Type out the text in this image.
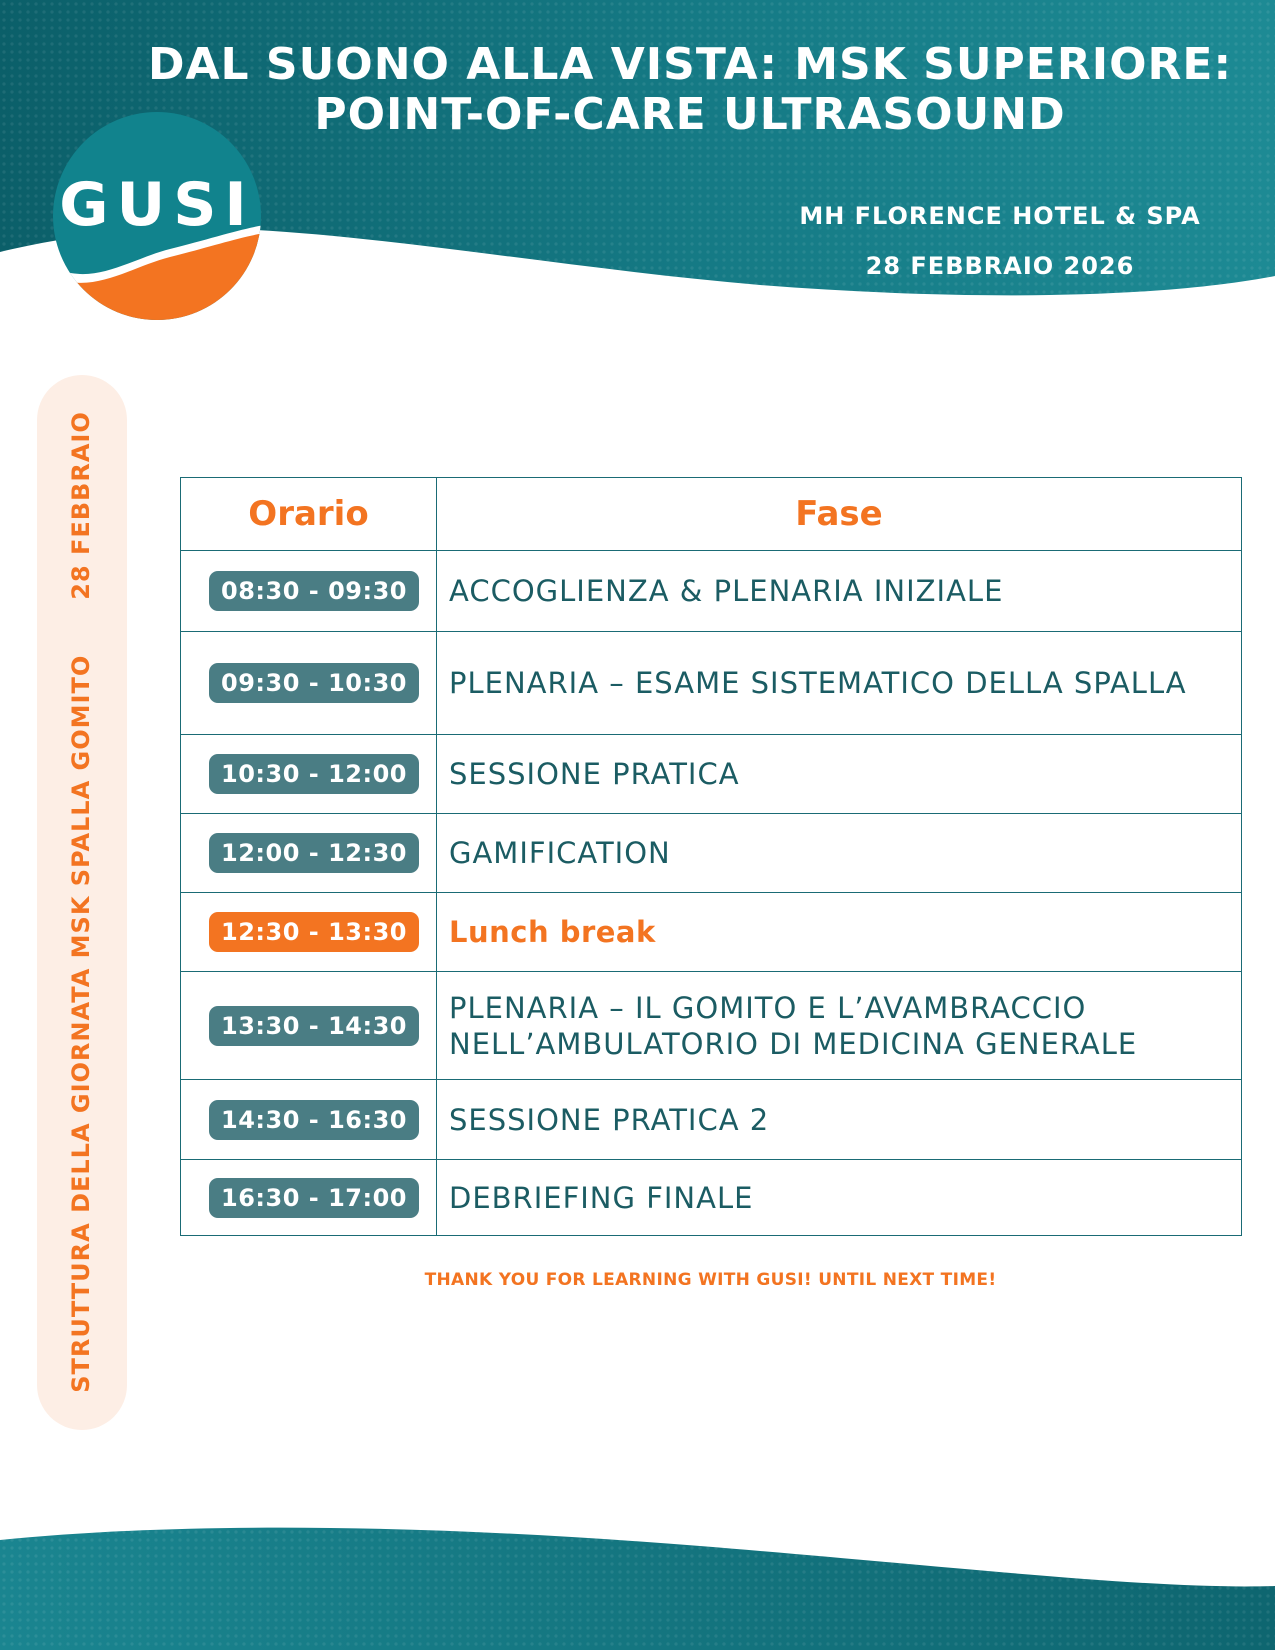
DAL SUONO ALLA VISTA: MSK SUPERIORE:
POINT-OF-CARE ULTRASOUND
MH FLORENCE HOTEL & SPA
28 FEBBRAIO 2026
GUSI
STRUTTURA DELLA GIORNATA MSK SPALLA GOMITO28 FEBBRAIO	Orario	Fase
08:30 - 09:30	ACCOGLIENZA & PLENARIA INIZIALE
09:30 - 10:30	PLENARIA – ESAME SISTEMATICO DELLA SPALLA
10:30 - 12:00	SESSIONE PRATICA
12:00 - 12:30	GAMIFICATION
12:30 - 13:30	Lunch break
13:30 - 14:30	PLENARIA – IL GOMITO E L’AVAMBRACCIO
NELL’AMBULATORIO DI MEDICINA GENERALE

14:30 - 16:30	SESSIONE PRATICA 2
16:30 - 17:00	DEBRIEFING FINALE
THANK YOU FOR LEARNING WITH GUSI! UNTIL NEXT TIME!
